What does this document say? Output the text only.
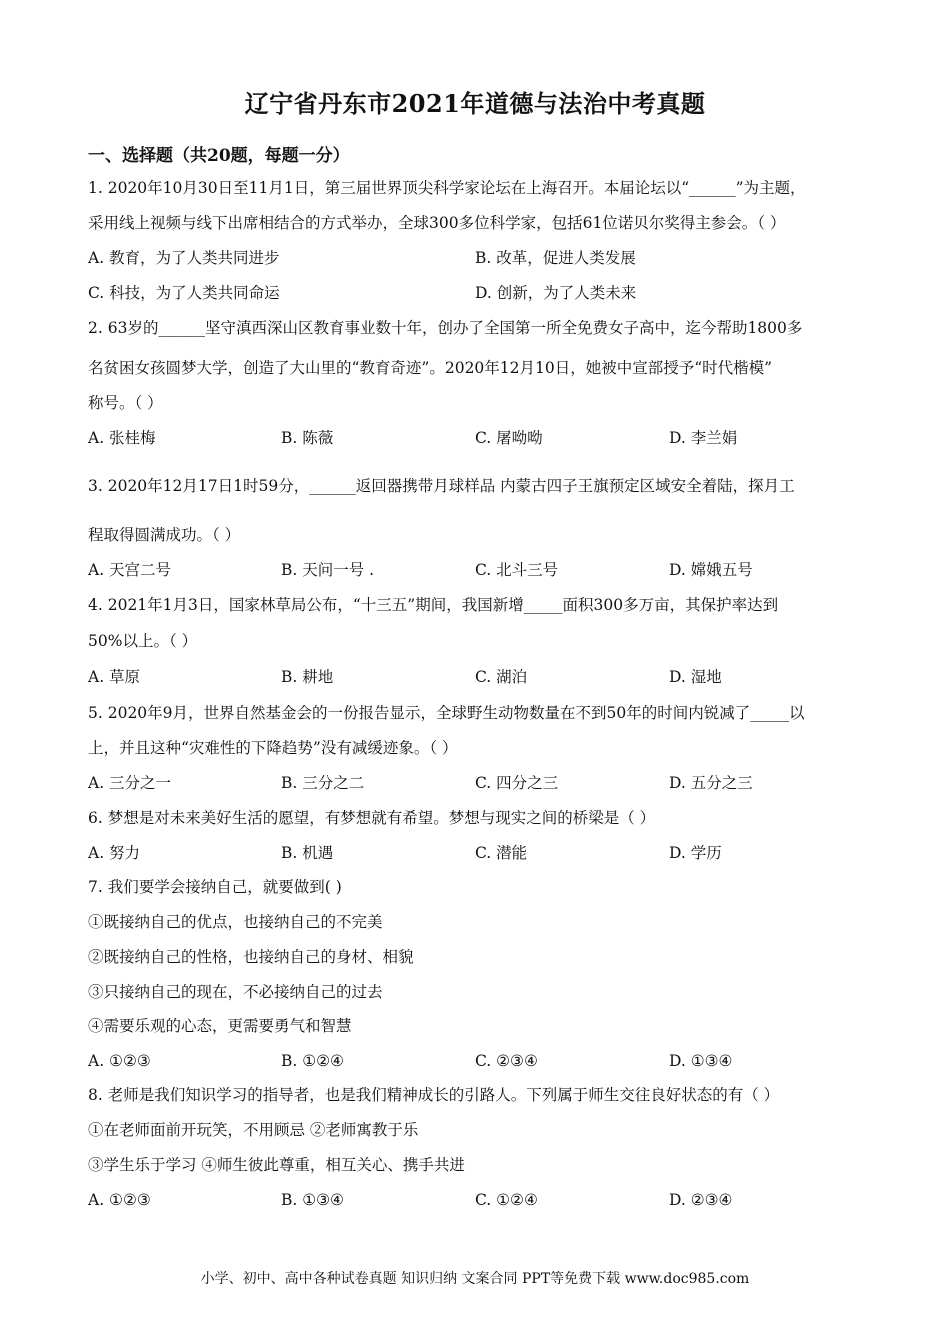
辽宁省丹东市2021年道德与法治中考真题
一、选择题（共20题，每题一分）
1. 2020年10月30日至11月1日，第三届世界顶尖科学家论坛在上海召开。本届论坛以“______”为主题，
采用线上视频与线下出席相结合的方式举办，全球300多位科学家，包括61位诺贝尔奖得主参会。（ ）
A. 教育，为了人类共同进步	B. 改革，促进人类发展
C. 科技，为了人类共同命运	D. 创新，为了人类未来
2. 63岁的______坚守滇西深山区教育事业数十年，创办了全国第一所全免费女子高中，迄今帮助1800多
名贫困女孩圆梦大学，创造了大山里的“教育奇迹”。2020年12月10日，她被中宣部授予“时代楷模”
称号。（ ）
A. 张桂梅	B. 陈薇	C. 屠呦呦	D. 李兰娟
3. 2020年12月17日1时59分，______返回器携带月球样品 内蒙古四子王旗预定区域安全着陆，探月工
程取得圆满成功。（ ）
A. 天宫二号	B. 天问一号 .	C. 北斗三号	D. 嫦娥五号
4. 2021年1月3日，国家林草局公布，“十三五”期间，我国新增_____面积300多万亩，其保护率达到
50%以上。（ ）
A. 草原	B. 耕地	C. 湖泊	D. 湿地
5. 2020年9月，世界自然基金会的一份报告显示，全球野生动物数量在不到50年的时间内锐减了_____以
上，并且这种“灾难性的下降趋势”没有减缓迹象。（ ）
A. 三分之一	B. 三分之二	C. 四分之三	D. 五分之三
6. 梦想是对未来美好生活的愿望，有梦想就有希望。梦想与现实之间的桥梁是（ ）
A. 努力	B. 机遇	C. 潜能	D. 学历
7. 我们要学会接纳自己，就要做到( )
①既接纳自己的优点，也接纳自己的不完美
②既接纳自己的性格，也接纳自己的身材、相貌
③只接纳自己的现在，不必接纳自己的过去
④需要乐观的心态，更需要勇气和智慧
A. ①②③	B. ①②④	C. ②③④	D. ①③④
8. 老师是我们知识学习的指导者，也是我们精神成长的引路人。下列属于师生交往良好状态的有（ ）
①在老师面前开玩笑，不用顾忌 ②老师寓教于乐
③学生乐于学习 ④师生彼此尊重，相互关心、携手共进
A. ①②③	B. ①③④	C. ①②④	D. ②③④
小学、初中、高中各种试卷真题 知识归纳 文案合同 PPT等免费下载 www.doc985.com
